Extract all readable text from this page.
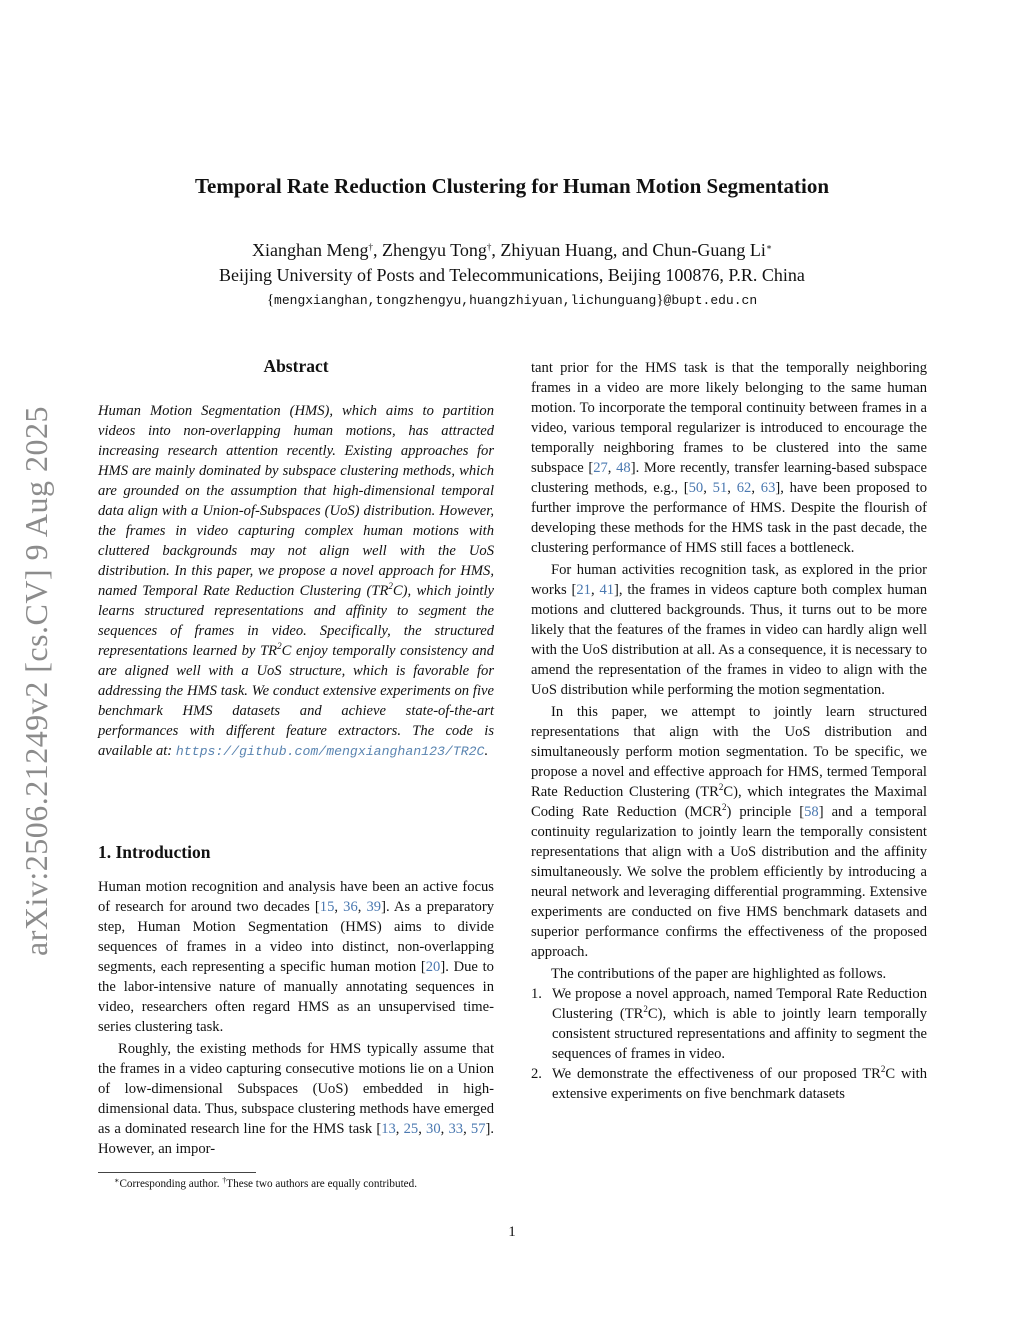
arXiv:2506.21249v2 [cs.CV] 9 Aug 2025
Temporal Rate Reduction Clustering for Human Motion Segmentation
Xianghan Meng†, Zhengyu Tong†, Zhiyuan Huang, and Chun-Guang Li∗
Beijing University of Posts and Telecommunications, Beijing 100876, P.R. China
{mengxianghan,tongzhengyu,huangzhiyuan,lichunguang}@bupt.edu.cn
Abstract

Human Motion Segmentation (HMS), which aims to partition videos into non-overlapping human motions, has attracted increasing research attention recently. Existing approaches for HMS are mainly dominated by subspace clustering methods, which are grounded on the assumption that high-dimensional temporal data align with a Union-of-Subspaces (UoS) distribution. However, the frames in video capturing complex human motions with cluttered backgrounds may not align well with the UoS distribution. In this paper, we propose a novel approach for HMS, named Temporal Rate Reduction Clustering $(TR^2C)$, which jointly learns structured representations and affinity to segment the sequences of frames in video. Specifically, the structured representations learned by $TR^2C$ enjoy temporally consistency and are aligned well with a UoS structure, which is favorable for addressing the HMS task. We conduct extensive experiments on five benchmark HMS datasets and achieve state-of-the-art performances with different feature extractors. The code is available at: https://github.com/mengxianghan123/TR2C.

1. Introduction

Human motion recognition and analysis have been an active focus of research for around two decades [15, 36, 39]. As a preparatory step, Human Motion Segmentation (HMS) aims to divide sequences of frames in a video into distinct, non-overlapping segments, each representing a specific human motion [20]. Due to the labor-intensive nature of manually annotating sequences in video, researchers often regard HMS as an unsupervised time-series clustering task.

Roughly, the existing methods for HMS typically assume that the frames in a video capturing consecutive motions lie on a Union of low-dimensional Subspaces (UoS) embedded in high-dimensional data. Thus, subspace clustering methods have emerged as a dominated research line for the HMS task [13, 25, 30, 33, 57]. However, an impor-

tant prior for the HMS task is that the temporally neighboring frames in a video are more likely belonging to the same human motion. To incorporate the temporal continuity between frames in a video, various temporal regularizer is introduced to encourage the temporally neighboring frames to be clustered into the same subspace [27, 48]. More recently, transfer learning-based subspace clustering methods, e.g., [50, 51, 62, 63], have been proposed to further improve the performance of HMS. Despite the flourish of developing these methods for the HMS task in the past decade, the clustering performance of HMS still faces a bottleneck.

For human activities recognition task, as explored in the prior works [21, 41], the frames in videos capture both complex human motions and cluttered backgrounds. Thus, it turns out to be more likely that the features of the frames in video can hardly align well with the UoS distribution at all. As a consequence, it is necessary to amend the representation of the frames in video to align with the UoS distribution while performing the motion segmentation.

In this paper, we attempt to jointly learn structured representations that align with the UoS distribution and simultaneously perform motion segmentation. To be specific, we propose a novel and effective approach for HMS, termed Temporal Rate Reduction Clustering $(TR^2C)$, which integrates the Maximal Coding Rate Reduction (MCR$^2$) principle [58] and a temporal continuity regularization to jointly learn the temporally consistent representations that align with a UoS distribution and the affinity simultaneously. We solve the problem efficiently by introducing a neural network and leveraging differential programming. Extensive experiments are conducted on five HMS benchmark datasets and superior performance confirms the effectiveness of the proposed approach.

The contributions of the paper are highlighted as follows.

1. We propose a novel approach, named Temporal Rate Reduction Clustering $(TR^2C)$, which is able to jointly learn temporally consistent structured representations and affinity to segment the sequences of frames in video.
2. We demonstrate the effectiveness of our proposed $TR^2C$ with extensive experiments on five benchmark datasets
∗Corresponding author. †These two authors are equally contributed.
1
